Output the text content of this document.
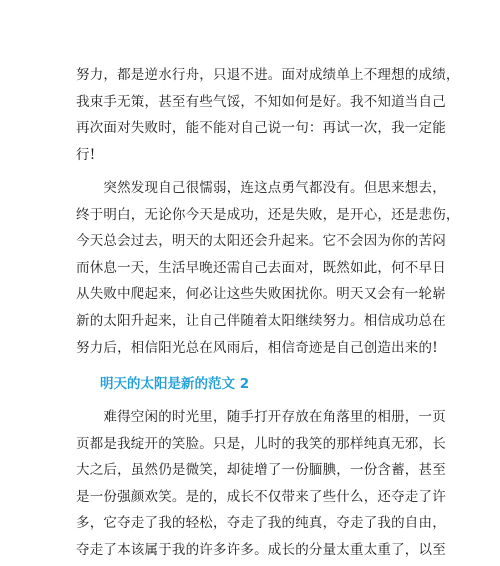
努力，都是逆水行舟，只退不进。面对成绩单上不理想的成绩，
我束手无策，甚至有些气馁，不知如何是好。我不知道当自己
再次面对失败时，能不能对自己说一句：再试一次，我一定能
行!

　　突然发现自己很懦弱，连这点勇气都没有。但思来想去，
终于明白，无论你今天是成功，还是失败，是开心，还是悲伤，
今天总会过去，明天的太阳还会升起来。它不会因为你的苦闷
而休息一天，生活早晚还需自己去面对，既然如此，何不早日
从失败中爬起来，何必让这些失败困扰你。明天又会有一轮崭
新的太阳升起来，让自己伴随着太阳继续努力。相信成功总在
努力后，相信阳光总在风雨后，相信奇迹是自己创造出来的!

明天的太阳是新的范文 2

　　难得空闲的时光里，随手打开存放在角落里的相册，一页
页都是我绽开的笑脸。只是，儿时的我笑的那样纯真无邪，长
大之后，虽然仍是微笑，却徒增了一份腼腆，一份含蓄，甚至
是一份强颜欢笑。是的，成长不仅带来了些什么，还夺走了许
多，它夺走了我的轻松，夺走了我的纯真，夺走了我的自由，
夺走了本该属于我的许多许多。成长的分量太重太重了，以至
